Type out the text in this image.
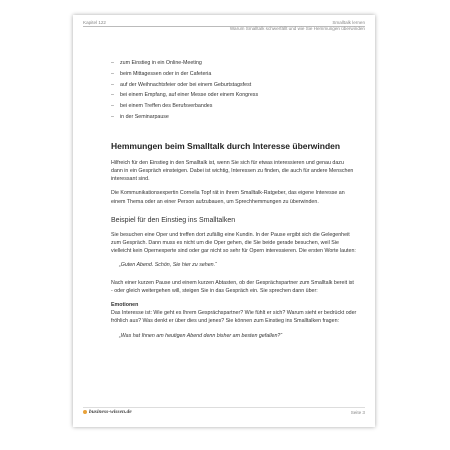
Kapitel 122	Smalltalk lernen
Warum Smalltalk schwerfällt und wie Sie Hemmungen überwinden
– zum Einstieg in ein Online-Meeting
– beim Mittagessen oder in der Cafeteria
– auf der Weihnachtsfeier oder bei einem Geburtstagsfest
– bei einem Empfang, auf einer Messe oder einem Kongress
– bei einem Treffen des Berufsverbandes
– in der Seminarpause
Hemmungen beim Smalltalk durch Interesse überwinden

Hilfreich für den Einstieg in den Smalltalk ist, wenn Sie sich für etwas interessieren und genau dazu dann in ein Gespräch einsteigen. Dabei ist wichtig, Interessen zu finden, die auch für andere Menschen interessant sind.

Die Kommunikationsexpertin Cornelia Topf rät in ihrem Smalltalk-Ratgeber, das eigene Interesse an einem Thema oder an einer Person aufzubauen, um Sprechhemmungen zu überwinden.

Beispiel für den Einstieg ins Smalltalken

Sie besuchen eine Oper und treffen dort zufällig eine Kundin. In der Pause ergibt sich die Gelegenheit zum Gespräch. Dann muss es nicht um die Oper gehen, die Sie beide gerade besuchen, weil Sie vielleicht kein Opernexperte sind oder gar nicht so sehr für Opern interessieren. Die ersten Worte lauten:

„Guten Abend. Schön, Sie hier zu sehen.“

Nach einer kurzen Pause und einem kurzen Abtasten, ob der Gesprächspartner zum Smalltalk bereit ist - oder gleich weitergehen will, steigen Sie in das Gespräch ein. Sie sprechen dann über:

Emotionen

Das Interesse ist: Wie geht es Ihrem Gesprächspartner? Wie fühlt er sich? Warum sieht er bedrückt oder fröhlich aus? Was denkt er über dies und jenes? Sie können zum Einstieg ins Smalltalken fragen:

„Was hat Ihnen am heutigen Abend denn bisher am besten gefallen?“

business-wissen.de	Seite 3
